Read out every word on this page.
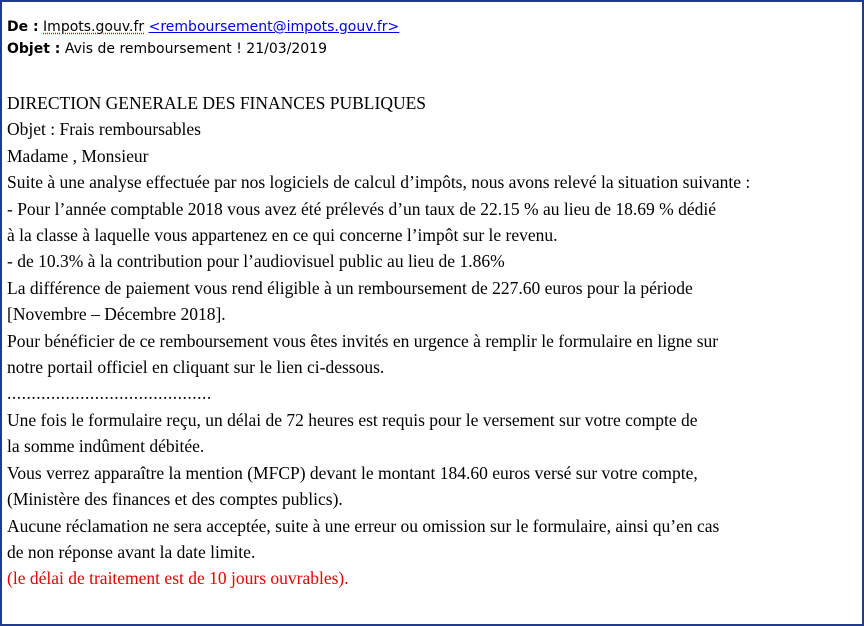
De : Impots.gouv.fr <remboursement@impots.gouv.fr>
Objet : Avis de remboursement ! 21/03/2019
DIRECTION GENERALE DES FINANCES PUBLIQUES
Objet : Frais remboursables
Madame , Monsieur
Suite à une analyse effectuée par nos logiciels de calcul d’impôts, nous avons relevé la situation suivante :
- Pour l’année comptable 2018 vous avez été prélevés d’un taux de 22.15 % au lieu de 18.69 % dédié
à la classe à laquelle vous appartenez en ce qui concerne l’impôt sur le revenu.
- de 10.3% à la contribution pour l’audiovisuel public au lieu de 1.86%
La différence de paiement vous rend éligible à un remboursement de 227.60 euros pour la période
[Novembre – Décembre 2018].
Pour bénéficier de ce remboursement vous êtes invités en urgence à remplir le formulaire en ligne sur
notre portail officiel en cliquant sur le lien ci-dessous.
..........................................
Une fois le formulaire reçu, un délai de 72 heures est requis pour le versement sur votre compte de
la somme indûment débitée.
Vous verrez apparaître la mention (MFCP) devant le montant 184.60 euros versé sur votre compte,
(Ministère des finances et des comptes publics).
Aucune réclamation ne sera acceptée, suite à une erreur ou omission sur le formulaire, ainsi qu’en cas
de non réponse avant la date limite.
(le délai de traitement est de 10 jours ouvrables).
